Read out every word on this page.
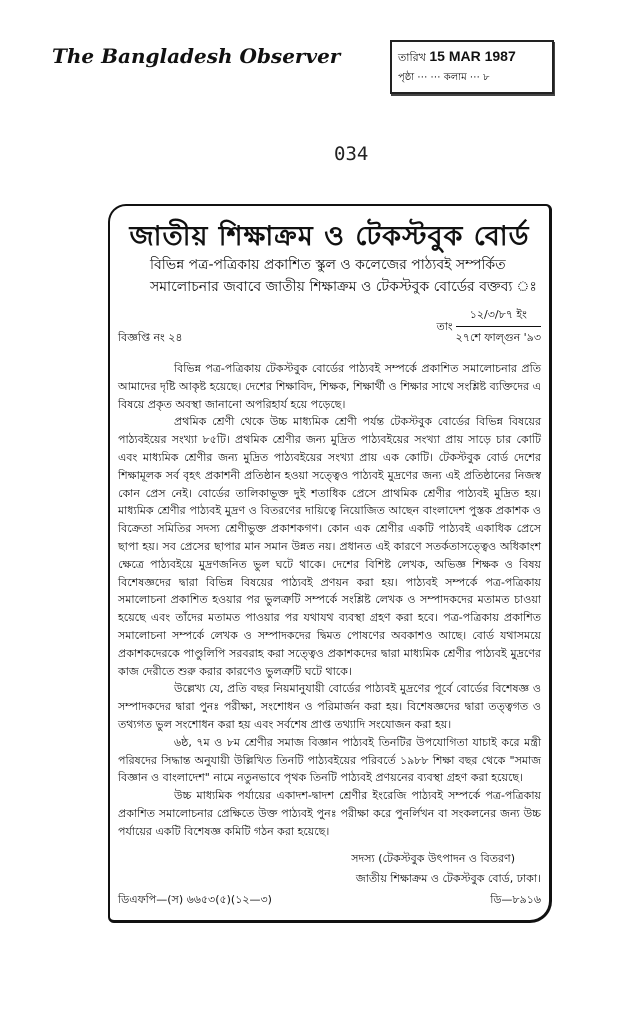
The Bangladesh Observer	তারিখ 15 MAR 1987
পৃষ্ঠা ⋯ ⋯ কলাম ⋯ ৮
034
জাতীয় শিক্ষাক্রম ও টেকস্টবুক বোর্ড
বিভিন্ন পত্র-পত্রিকায় প্রকাশিত স্কুল ও কলেজের পাঠ্যবই সম্পর্কিত
সমালোচনার জবাবে জাতীয় শিক্ষাক্রম ও টেকস্টবুক বোর্ডের বক্তব্য ঃ
বিজ্ঞপ্তি নং ২৪
তাং
১২/৩/৮৭ ইং
২৭শে ফাল্গুন '৯৩

বিভিন্ন পত্র-পত্রিকায় টেকস্টবুক বোর্ডের পাঠ্যবই সম্পর্কে প্রকাশিত সমালোচনার প্রতি আমাদের দৃষ্টি আকৃষ্ট হয়েছে। দেশের শিক্ষাবিদ, শিক্ষক, শিক্ষার্থী ও শিক্ষার সাথে সংশ্লিষ্ট ব্যক্তিদের এ বিষয়ে প্রকৃত অবস্থা জানানো অপরিহার্য হয়ে পড়েছে।

প্রথমিক শ্রেণী থেকে উচ্চ মাধ্যমিক শ্রেণী পর্যন্ত টেকস্টবুক বোর্ডের বিভিন্ন বিষয়ের পাঠ্যবইয়ের সংখ্যা ৮৫টি। প্রথমিক শ্রেণীর জন্য মুদ্রিত পাঠ্যবইয়ের সংখ্যা প্রায় সাড়ে চার কোটি এবং মাধ্যমিক শ্রেণীর জন্য মুদ্রিত পাঠ্যবইয়ের সংখ্যা প্রায় এক কোটি। টেকস্টবুক বোর্ড দেশের শিক্ষামূলক সর্ব বৃহৎ প্রকাশনী প্রতিষ্ঠান হওয়া সত্ত্বেও পাঠ্যবই মুদ্রণের জন্য এই প্রতিষ্ঠানের নিজস্ব কোন প্রেস নেই। বোর্ডের তালিকাভূক্ত দুই শতাধিক প্রেসে প্রাথমিক শ্রেণীর পাঠ্যবই মুদ্রিত হয়। মাধ্যমিক শ্রেণীর পাঠ্যবই মুদ্রণ ও বিতরণের দায়িত্বে নিয়োজিত আছেন বাংলাদেশ পুস্তক প্রকাশক ও বিক্রেতা সমিতির সদস্য শ্রেণীভুক্ত প্রকাশকগণ। কোন এক শ্রেণীর একটি পাঠ্যবই একাধিক প্রেসে ছাপা হয়। সব প্রেসের ছাপার মান সমান উন্নত নয়। প্রধানত এই কারণে সতর্কতাসত্ত্বেও অধিকাংশ ক্ষেত্রে পাঠ্যবইয়ে মুদ্রণজনিত ভুল ঘটে থাকে। দেশের বিশিষ্ট লেখক, অভিজ্ঞ শিক্ষক ও বিষয় বিশেষজ্ঞদের দ্বারা বিভিন্ন বিষয়ের পাঠ্যবই প্রণয়ন করা হয়। পাঠ্যবই সম্পর্কে পত্র-পত্রিকায় সমালোচনা প্রকাশিত হওয়ার পর ভুলত্রুটি সম্পর্কে সংশ্লিষ্ট লেখক ও সম্পাদকদের মতামত চাওয়া হয়েছে এবং তাঁদের মতামত পাওয়ার পর যথাযথ ব্যবস্থা গ্রহণ করা হবে। পত্র-পত্রিকায় প্রকাশিত সমালোচনা সম্পর্কে লেখক ও সম্পাদকদের দ্বিমত পোষণের অবকাশও আছে। বোর্ড যথাসময়ে প্রকাশকদেরকে পাণ্ডুলিপি সরবরাহ করা সত্ত্বেও প্রকাশকদের দ্বারা মাধ্যমিক শ্রেণীর পাঠ্যবই মুদ্রণের কাজ দেরীতে শুরু করার কারণেও ভুলত্রুটি ঘটে থাকে।

উল্লেখ্য যে, প্রতি বছর নিয়মানুযায়ী বোর্ডের পাঠ্যবই মুদ্রণের পূর্বে বোর্ডের বিশেষজ্ঞ ও সম্পাদকদের দ্বারা পুনঃ পরীক্ষা, সংশোধন ও পরিমার্জন করা হয়। বিশেষজ্ঞদের দ্বারা তত্ত্বগত ও তথ্যগত ভুল সংশোধন করা হয় এবং সর্বশেষ প্রাপ্ত তথ্যাদি সংযোজন করা হয়।

৬ষ্ঠ, ৭ম ও ৮ম শ্রেণীর সমাজ বিজ্ঞান পাঠ্যবই তিনটির উপযোগিতা যাচাই করে মন্ত্রী পরিষদের সিদ্ধান্ত অনুযায়ী উল্লিখিত তিনটি পাঠ্যবইয়ের পরিবর্তে ১৯৮৮ শিক্ষা বছর থেকে "সমাজ বিজ্ঞান ও বাংলাদেশ" নামে নতুনভাবে পৃথক তিনটি পাঠ্যবই প্রণয়নের ব্যবস্থা গ্রহণ করা হয়েছে।

উচ্চ মাধ্যমিক পর্যায়ের একাদশ-দ্বাদশ শ্রেণীর ইংরেজি পাঠ্যবই সম্পর্কে পত্র-পত্রিকায় প্রকাশিত সমালোচনার প্রেক্ষিতে উক্ত পাঠ্যবই পুনঃ পরীক্ষা করে পুনর্লিখন বা সংকলনের জন্য উচ্চ পর্যায়ের একটি বিশেষজ্ঞ কমিটি গঠন করা হয়েছে।

সদস্য (টেকস্টবুক উৎপাদন ও বিতরণ)
জাতীয় শিক্ষাক্রম ও টেকস্টবুক বোর্ড, ঢাকা।
ডিএফপি—(স) ৬৬৫৩(৫)(১২—৩)	ডি—৮৯১৬
